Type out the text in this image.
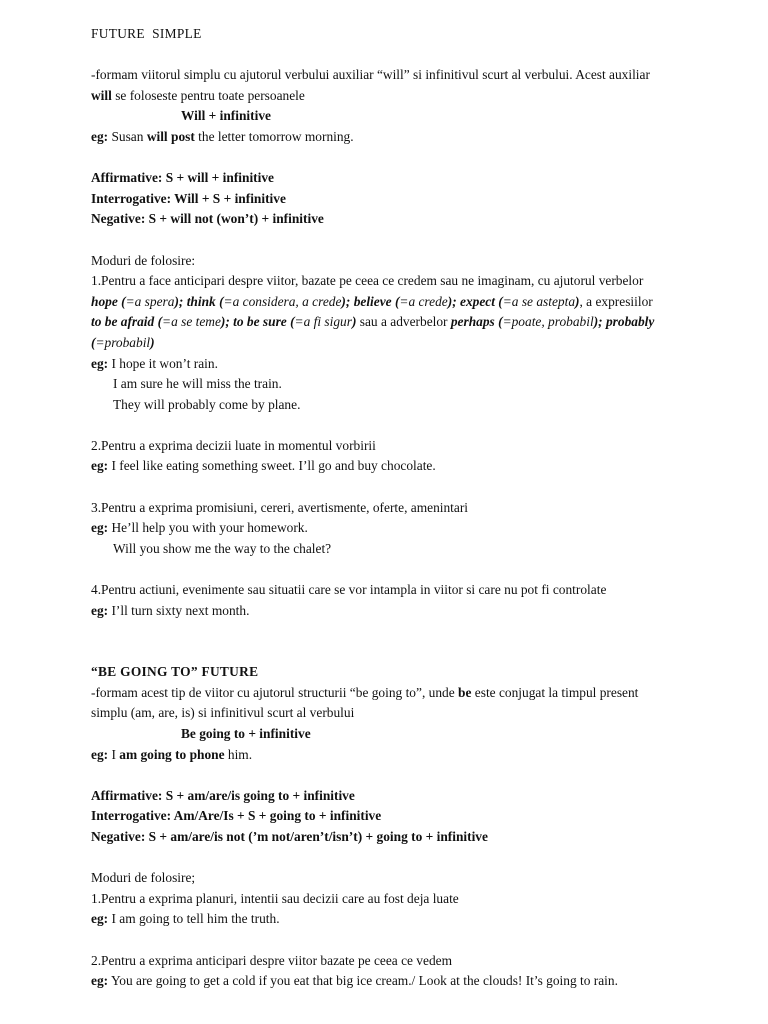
FUTURE  SIMPLE
-formam viitorul simplu cu ajutorul verbului auxiliar “will” si infinitivul scurt al verbului. Acest auxiliar
will se foloseste pentru toate persoanele
Will + infinitive
eg: Susan will post the letter tomorrow morning.
Affirmative: S + will + infinitive
Interrogative: Will + S + infinitive
Negative: S + will not (won’t) + infinitive
Moduri de folosire:
1.Pentru a face anticipari despre viitor, bazate pe ceea ce credem sau ne imaginam, cu ajutorul verbelor
hope (=a spera); think (=a considera, a crede); believe (=a crede); expect (=a se astepta), a expresiilor
to be afraid (=a se teme); to be sure (=a fi sigur) sau a adverbelor perhaps (=poate, probabil); probably
(=probabil)
eg: I hope it won’t rain.
I am sure he will miss the train.
They will probably come by plane.
2.Pentru a exprima decizii luate in momentul vorbirii
eg: I feel like eating something sweet. I’ll go and buy chocolate.
3.Pentru a exprima promisiuni, cereri, avertismente, oferte, amenintari
eg: He’ll help you with your homework.
Will you show me the way to the chalet?
4.Pentru actiuni, evenimente sau situatii care se vor intampla in viitor si care nu pot fi controlate
eg: I’ll turn sixty next month.
“BE GOING TO” FUTURE
-formam acest tip de viitor cu ajutorul structurii “be going to”, unde be este conjugat la timpul present
simplu (am, are, is) si infinitivul scurt al verbului
Be going to + infinitive
eg: I am going to phone him.
Affirmative: S + am/are/is going to + infinitive
Interrogative: Am/Are/Is + S + going to + infinitive
Negative: S + am/are/is not (’m not/aren’t/isn’t) + going to + infinitive
Moduri de folosire;
1.Pentru a exprima planuri, intentii sau decizii care au fost deja luate
eg: I am going to tell him the truth.
2.Pentru a exprima anticipari despre viitor bazate pe ceea ce vedem
eg: You are going to get a cold if you eat that big ice cream./ Look at the clouds! It’s going to rain.
